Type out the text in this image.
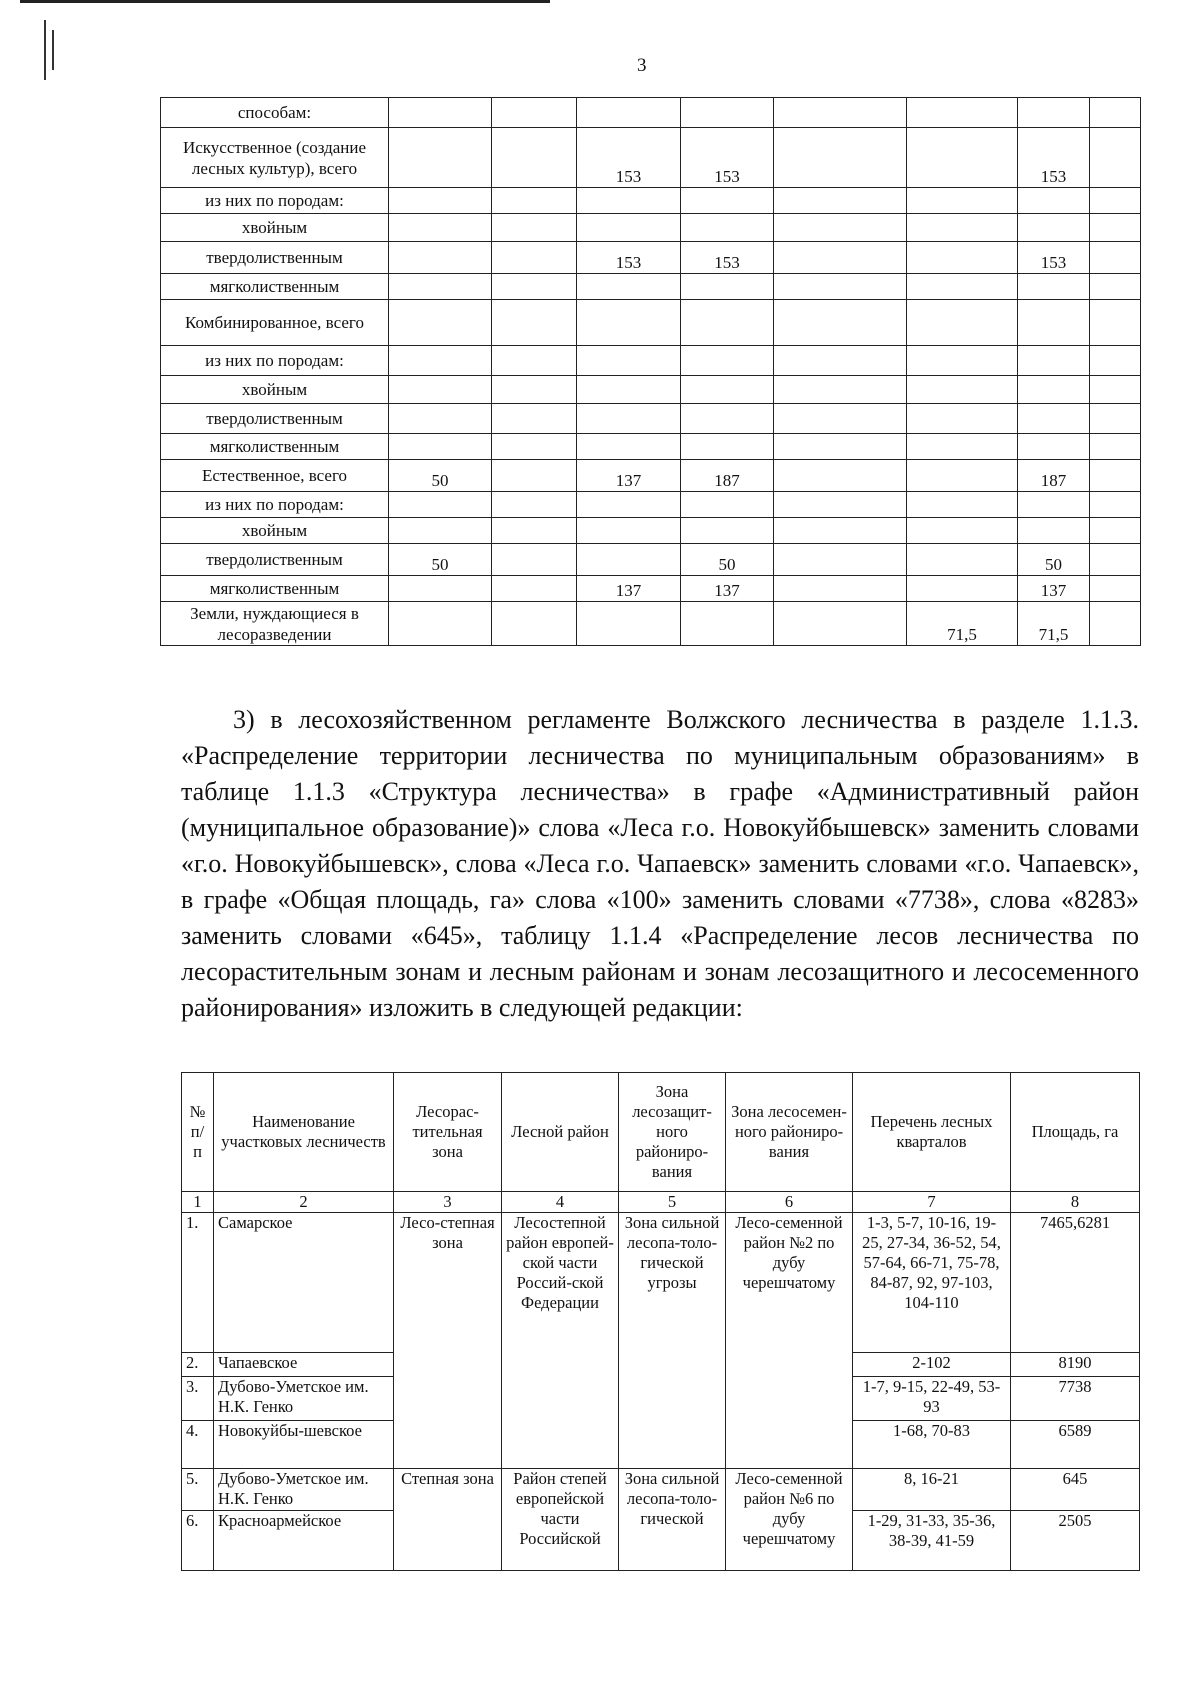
3
способам:								
Искусственное (создание лесных культур), всего			153	153			153	
из них по породам:								
хвойным								
твердолиственным			153	153			153	
мягколиственным								
Комбинированное, всего								
из них по породам:								
хвойным								
твердолиственным								
мягколиственным								
Естественное, всего	50		137	187			187	
из них по породам:								
хвойным								
твердолиственным	50			50			50	
мягколиственным			137	137			137	
Земли, нуждающиеся в лесоразведении						71,5	71,5	

3) в лесохозяйственном регламенте Волжского лесничества в разделе 1.1.3. «Распределение территории лесничества по муниципальным образованиям» в таблице 1.1.3 «Структура лесничества» в графе «Административный район (муниципальное образование)» слова «Леса г.о. Новокуйбышевск» заменить словами «г.о. Новокуйбышевск», слова «Леса г.о. Чапаевск» заменить словами «г.о. Чапаевск», в графе «Общая площадь, га» слова «100» заменить словами «7738», слова «8283» заменить словами «645», таблицу 1.1.4 «Распределение лесов лесничества по лесорастительным зонам и лесным районам и зонам лесозащитного и лесосеменного районирования» изложить в следующей редакции:

№ п/ п	Наименование участковых лесничеств	Лесорас-тительная зона	Лесной район	Зона лесозащит-ного райониро-вания	Зона лесосемен-ного райониро-вания	Перечень лесных кварталов	Площадь, га
1	2	3	4	5	6	7	8
1.	Самарское	Лесо-степная зона	Лесостепной район европей-ской части Россий-ской Федерации	Зона сильной лесопа-толо-гической угрозы	Лесо-семенной район №2 по дубу черешчатому	1-3, 5-7, 10-16, 19-25, 27-34, 36-52, 54, 57-64, 66-71, 75-78, 84-87, 92, 97-103, 104-110	7465,6281
2.	Чапаевское					2-102	8190
3.	Дубово-Уметское им. Н.К. Генко					1-7, 9-15, 22-49, 53-93	7738
4.	Новокуйбы-шевское					1-68, 70-83	6589
5.	Дубово-Уметское им. Н.К. Генко	Степная зона	Район степей европейской части Российской	Зона сильной лесопа-толо-гической	Лесо-семенной район №6 по дубу черешчатому	8, 16-21	645
6.	Красноармейское					1-29, 31-33, 35-36, 38-39, 41-59	2505
